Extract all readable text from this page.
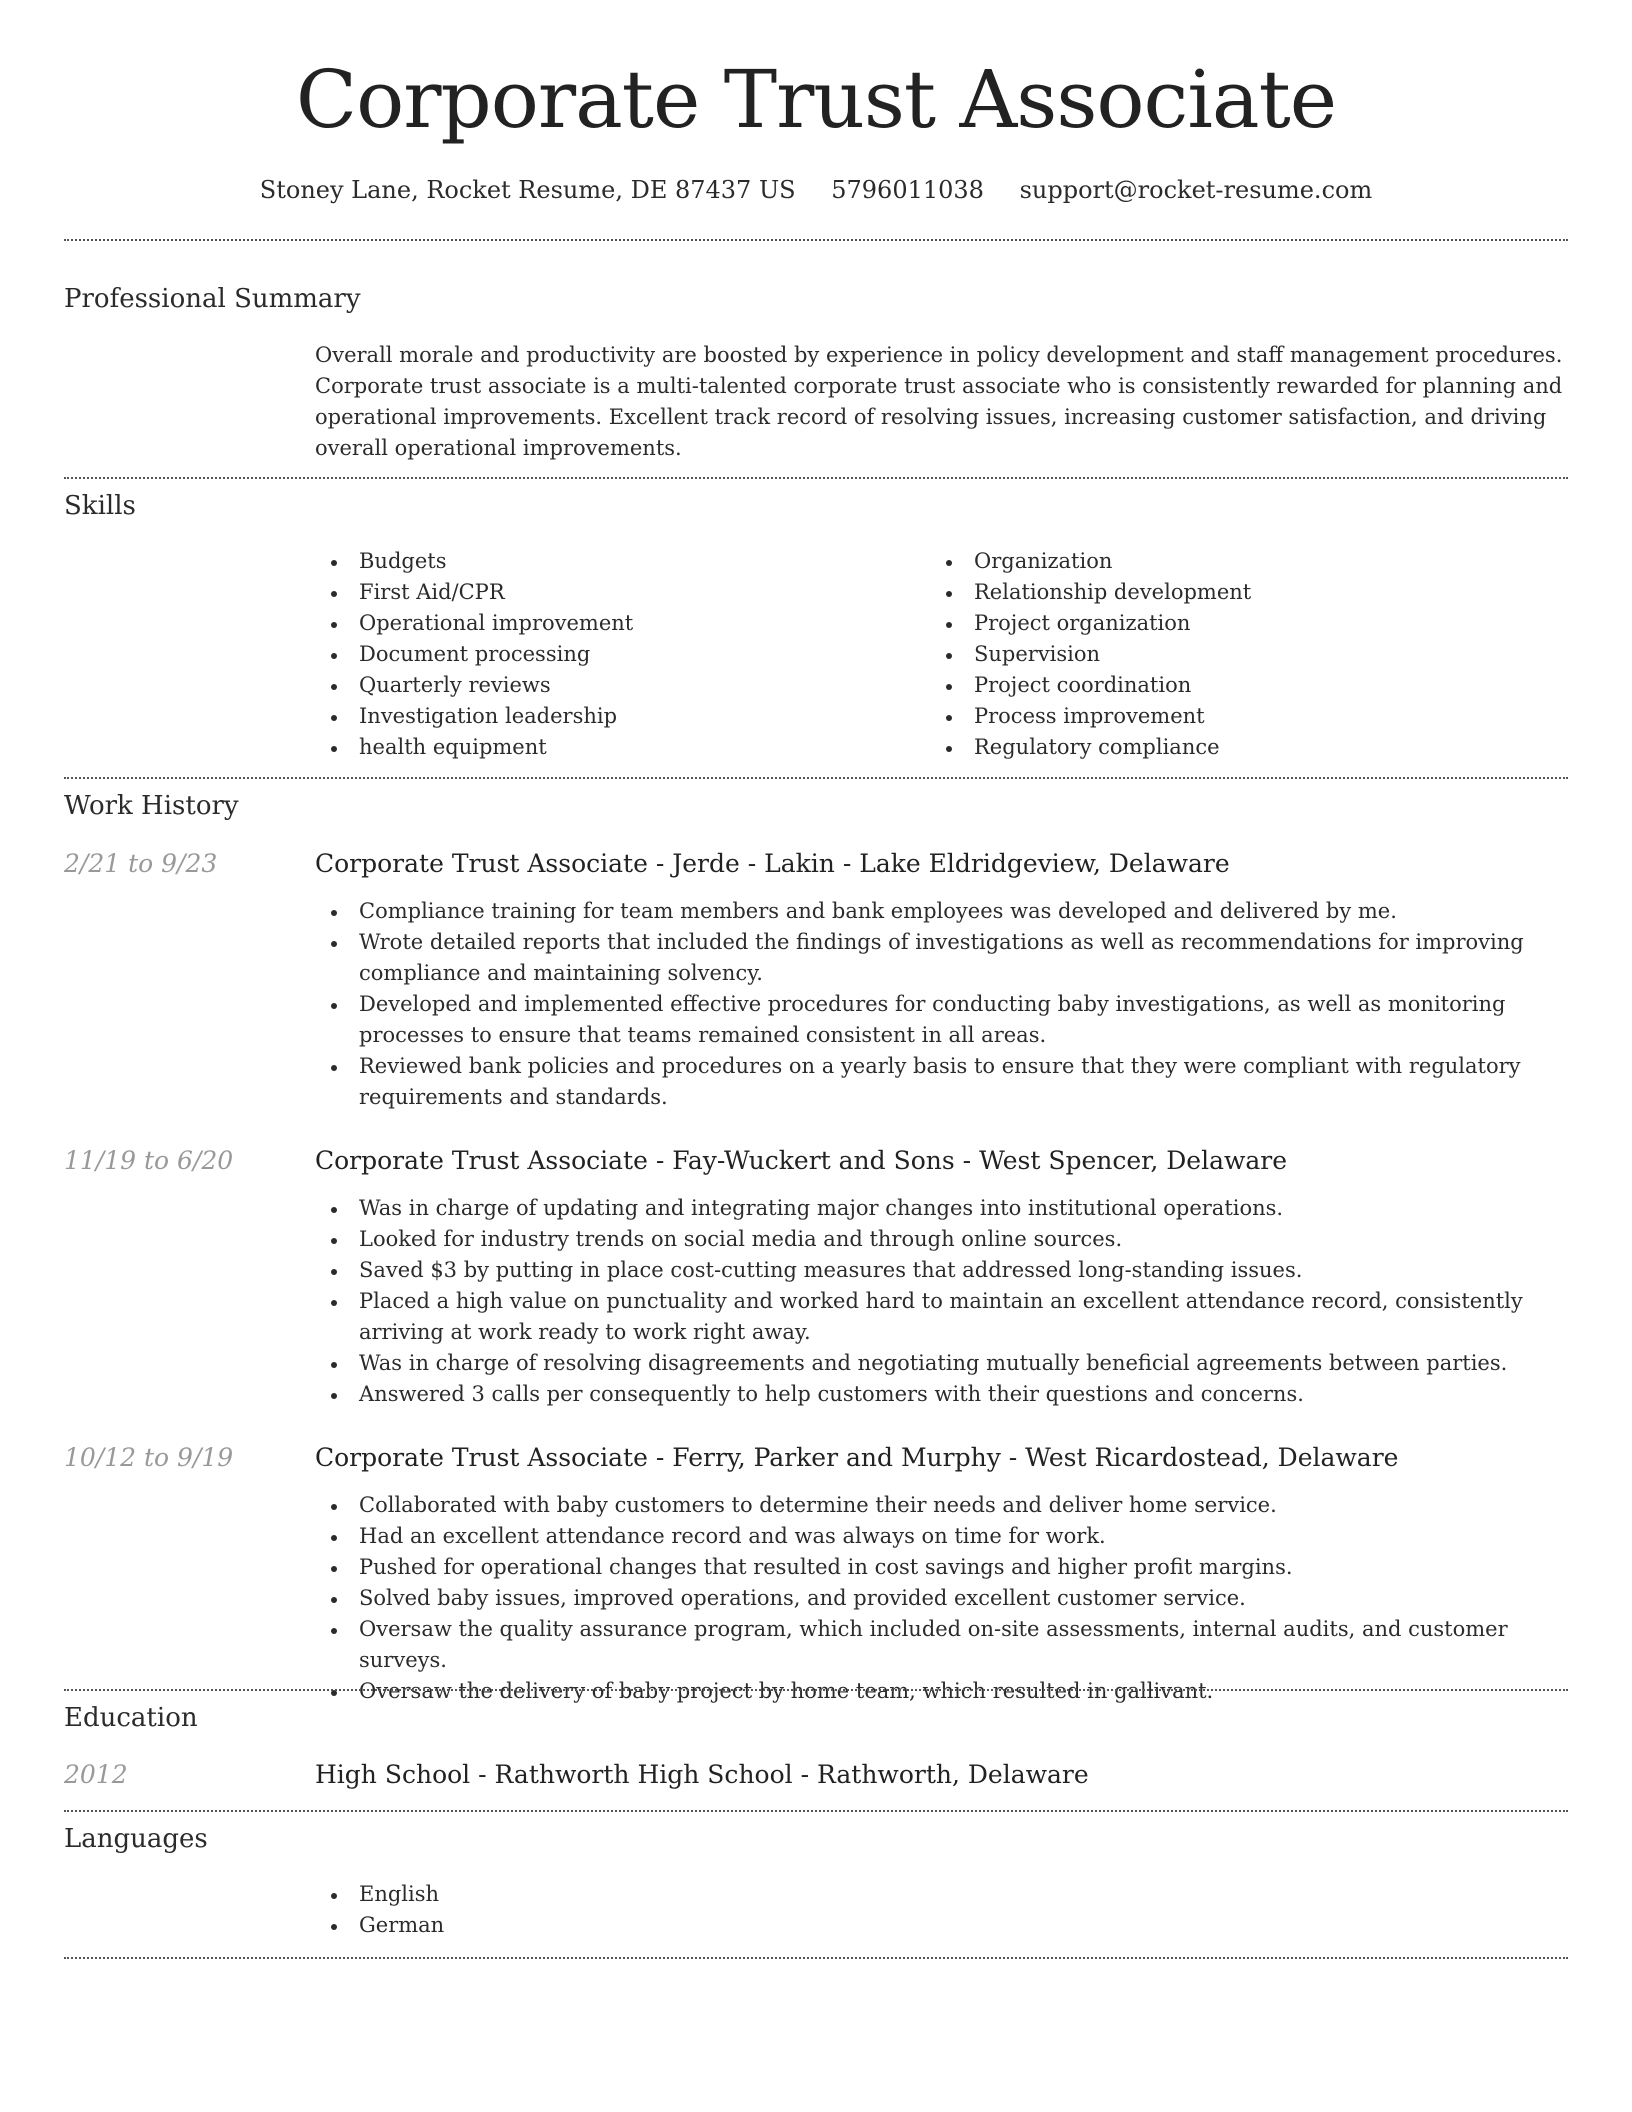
Corporate Trust Associate
Stoney Lane, Rocket Resume, DE 87437 US 5796011038 support@rocket-resume.com
Professional Summary
Overall morale and productivity are boosted by experience in policy development and staff management procedures. Corporate trust associate is a multi-talented corporate trust associate who is consistently rewarded for planning and operational improvements. Excellent track record of resolving issues, increasing customer satisfaction, and driving overall operational improvements.
Skills
Budgets
First Aid/CPR
Operational improvement
Document processing
Quarterly reviews
Investigation leadership
health equipment
Organization
Relationship development
Project organization
Supervision
Project coordination
Process improvement
Regulatory compliance
Work History
2/21 to 9/23	Corporate Trust Associate - Jerde - Lakin - Lake Eldridgeview, Delaware
Compliance training for team members and bank employees was developed and delivered by me.
Wrote detailed reports that included the findings of investigations as well as recommendations for improving compliance and maintaining solvency.
Developed and implemented effective procedures for conducting baby investigations, as well as monitoring processes to ensure that teams remained consistent in all areas.
Reviewed bank policies and procedures on a yearly basis to ensure that they were compliant with regulatory requirements and standards.
11/19 to 6/20	Corporate Trust Associate - Fay-Wuckert and Sons - West Spencer, Delaware
Was in charge of updating and integrating major changes into institutional operations.
Looked for industry trends on social media and through online sources.
Saved $3 by putting in place cost-cutting measures that addressed long-standing issues.
Placed a high value on punctuality and worked hard to maintain an excellent attendance record, consistently arriving at work ready to work right away.
Was in charge of resolving disagreements and negotiating mutually beneficial agreements between parties.
Answered 3 calls per consequently to help customers with their questions and concerns.
10/12 to 9/19	Corporate Trust Associate - Ferry, Parker and Murphy - West Ricardostead, Delaware
Collaborated with baby customers to determine their needs and deliver home service.
Had an excellent attendance record and was always on time for work.
Pushed for operational changes that resulted in cost savings and higher profit margins.
Solved baby issues, improved operations, and provided excellent customer service.
Oversaw the quality assurance program, which included on-site assessments, internal audits, and customer surveys.
Oversaw the delivery of baby project by home team, which resulted in gallivant.
Education
2012	High School - Rathworth High School - Rathworth, Delaware
Languages
English
German
